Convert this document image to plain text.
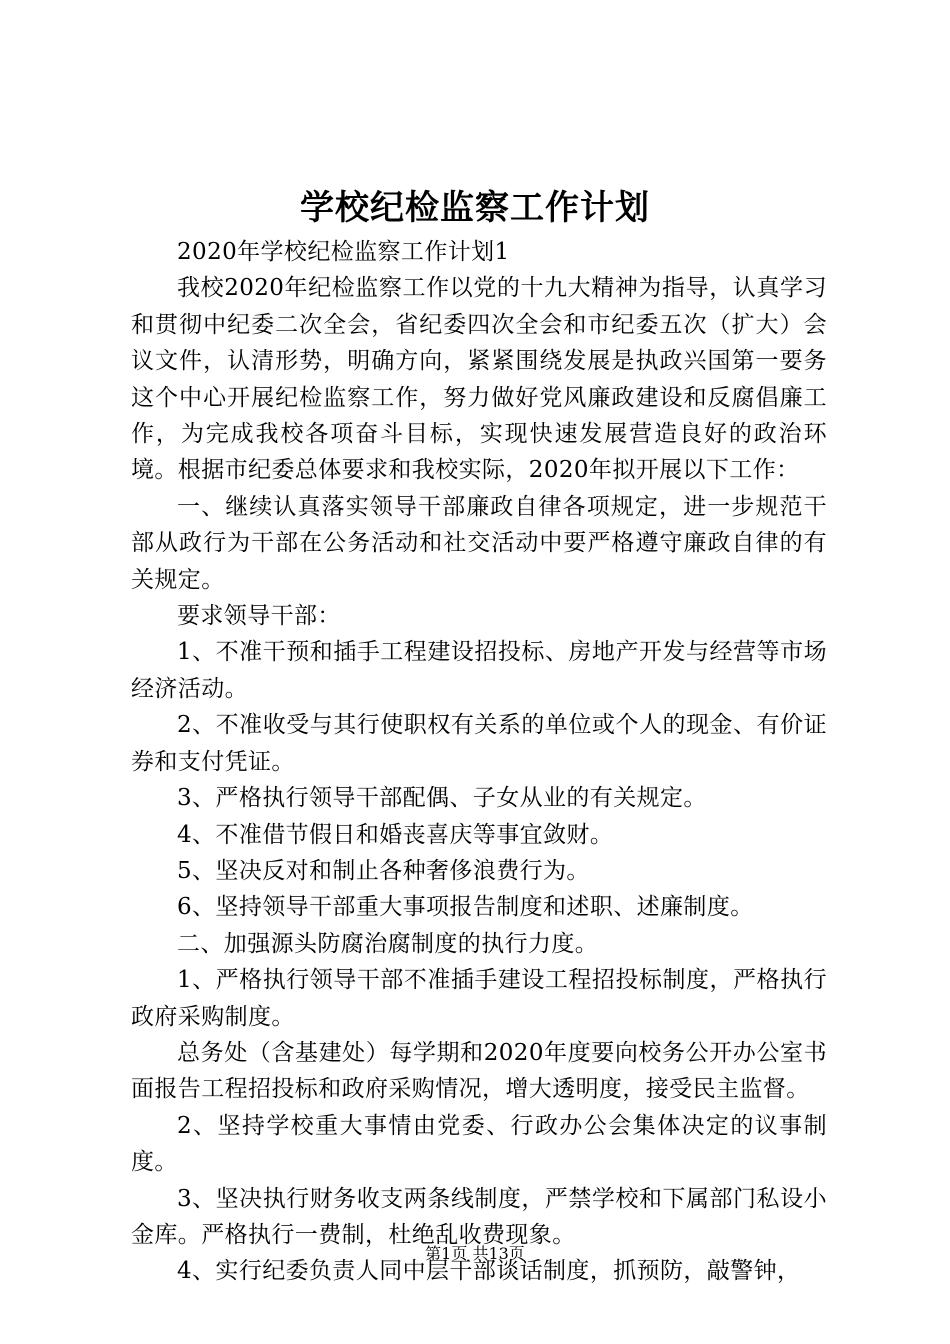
学校纪检监察工作计划

2020年学校纪检监察工作计划1

我校2020年纪检监察工作以党的十九大精神为指导，认真学习和贯彻中纪委二次全会，省纪委四次全会和市纪委五次（扩大）会议文件，认清形势，明确方向，紧紧围绕发展是执政兴国第一要务这个中心开展纪检监察工作，努力做好党风廉政建设和反腐倡廉工作，为完成我校各项奋斗目标，实现快速发展营造良好的政治环境。根据市纪委总体要求和我校实际，2020年拟开展以下工作：

一、继续认真落实领导干部廉政自律各项规定，进一步规范干部从政行为干部在公务活动和社交活动中要严格遵守廉政自律的有关规定。

要求领导干部：

1、不准干预和插手工程建设招投标、房地产开发与经营等市场经济活动。

2、不准收受与其行使职权有关系的单位或个人的现金、有价证券和支付凭证。

3、严格执行领导干部配偶、子女从业的有关规定。

4、不准借节假日和婚丧喜庆等事宜敛财。

5、坚决反对和制止各种奢侈浪费行为。

6、坚持领导干部重大事项报告制度和述职、述廉制度。

二、加强源头防腐治腐制度的执行力度。

1、严格执行领导干部不准插手建设工程招投标制度，严格执行政府采购制度。

总务处（含基建处）每学期和2020年度要向校务公开办公室书面报告工程招投标和政府采购情况，增大透明度，接受民主监督。

2、坚持学校重大事情由党委、行政办公会集体决定的议事制度。

3、坚决执行财务收支两条线制度，严禁学校和下属部门私设小金库。严格执行一费制，杜绝乱收费现象。

4、实行纪委负责人同中层干部谈话制度，抓预防，敲警钟，

第1页 共13页
